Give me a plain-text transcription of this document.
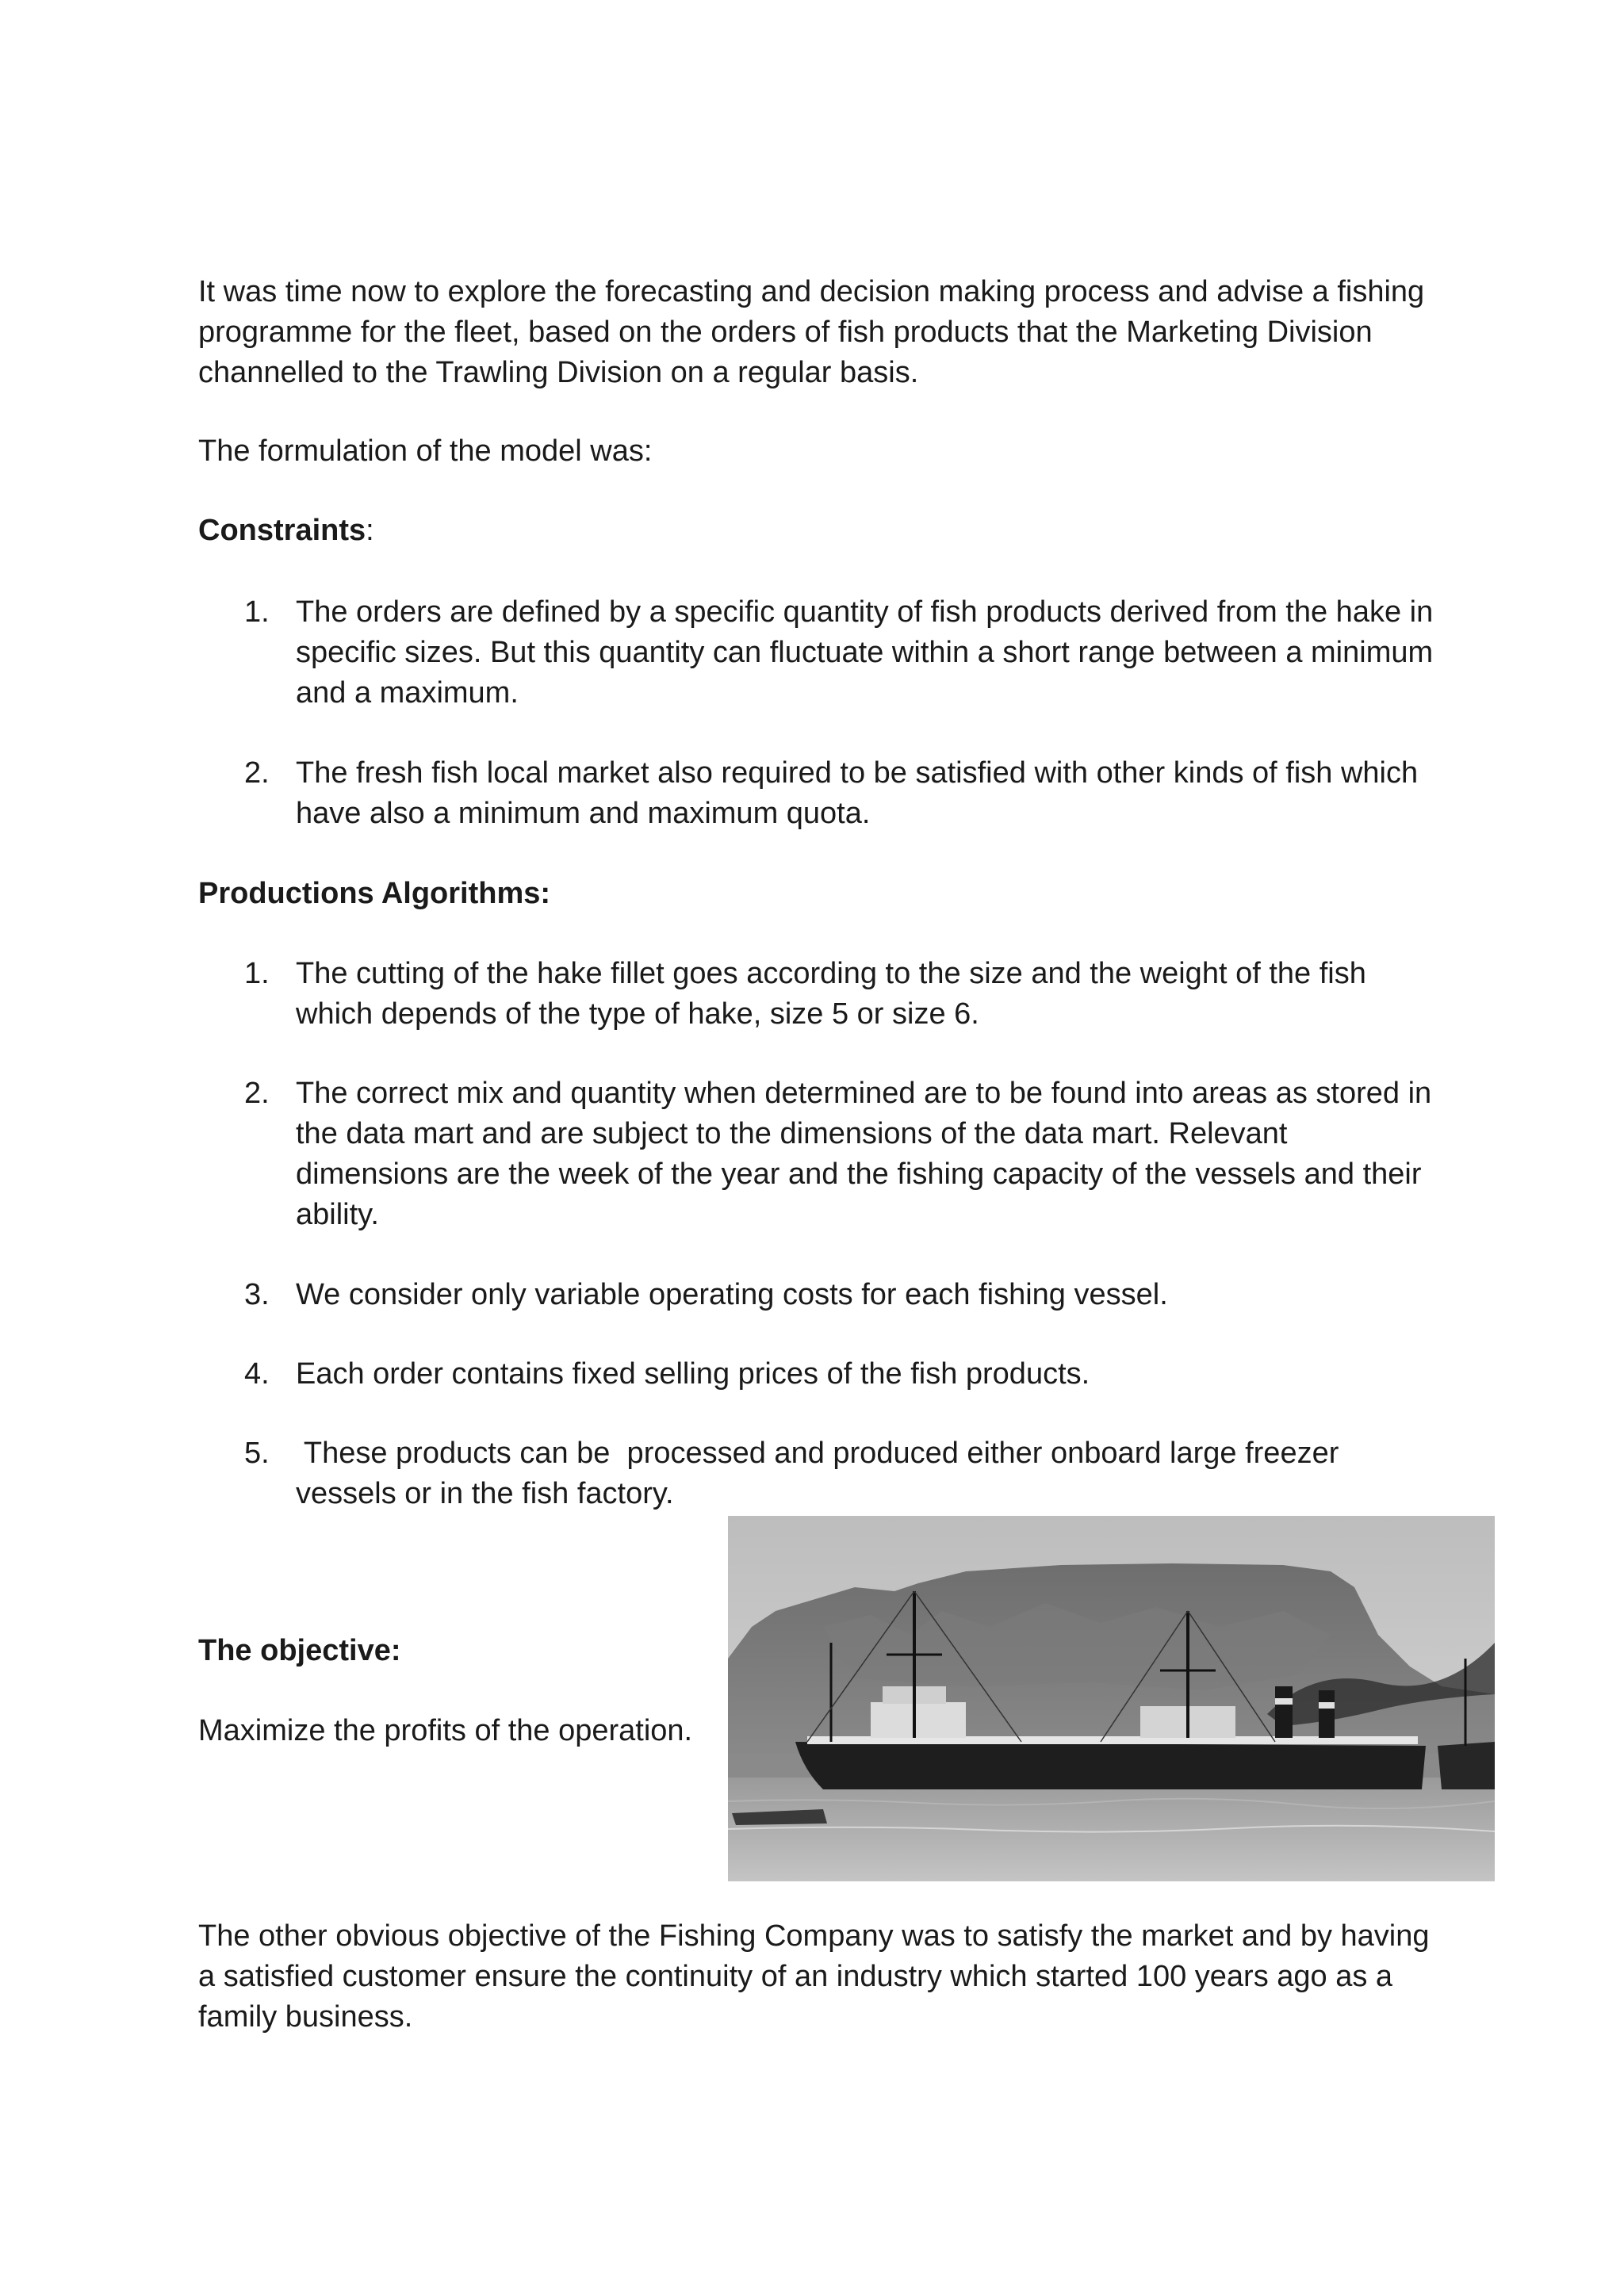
It was time now to explore the forecasting and decision making process and advise a fishing
programme for the fleet, based on the orders of fish products that the Marketing Division
channelled to the Trawling Division on a regular basis.
The formulation of the model was:
Constraints:
1. The orders are defined by a specific quantity of fish products derived from the hake in
specific sizes. But this quantity can fluctuate within a short range between a minimum
and a maximum.
2. The fresh fish local market also required to be satisfied with other kinds of fish which
have also a minimum and maximum quota.
Productions Algorithms:
1. The cutting of the hake fillet goes according to the size and the weight of the fish
which depends of the type of hake, size 5 or size 6.
2. The correct mix and quantity when determined are to be found into areas as stored in
the data mart and are subject to the dimensions of the data mart. Relevant
dimensions are the week of the year and the fishing capacity of the vessels and their
ability.
3. We consider only variable operating costs for each fishing vessel.
4. Each order contains fixed selling prices of the fish products.
5. These products can be  processed and produced either onboard large freezer
vessels or in the fish factory.
The objective:
Maximize the profits of the operation.
The other obvious objective of the Fishing Company was to satisfy the market and by having
a satisfied customer ensure the continuity of an industry which started 100 years ago as a
family business.
